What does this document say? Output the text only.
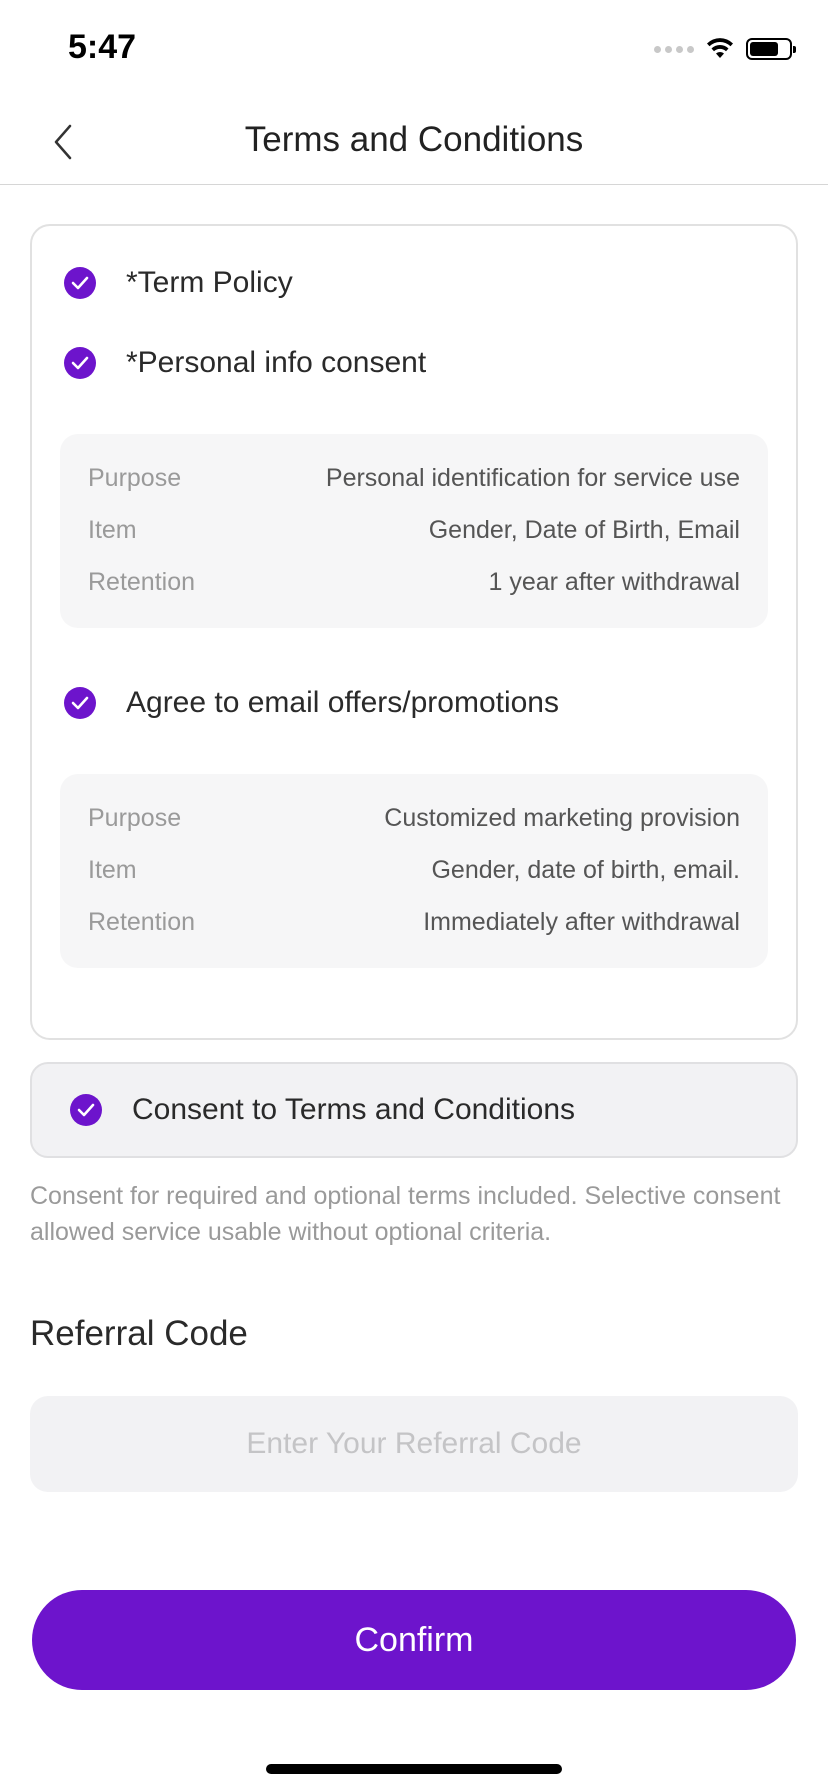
5:47
Terms and Conditions
*Term Policy
*Personal info consent
Purpose	Personal identification for service use
Item	Gender, Date of Birth, Email
Retention	1 year after withdrawal
Agree to email offers/promotions
Purpose	Customized marketing provision
Item	Gender, date of birth, email.
Retention	Immediately after withdrawal
Consent to Terms and Conditions
Consent for required and optional terms included. Selective consent allowed service usable without optional criteria.
Referral Code
Enter Your Referral Code
Confirm
